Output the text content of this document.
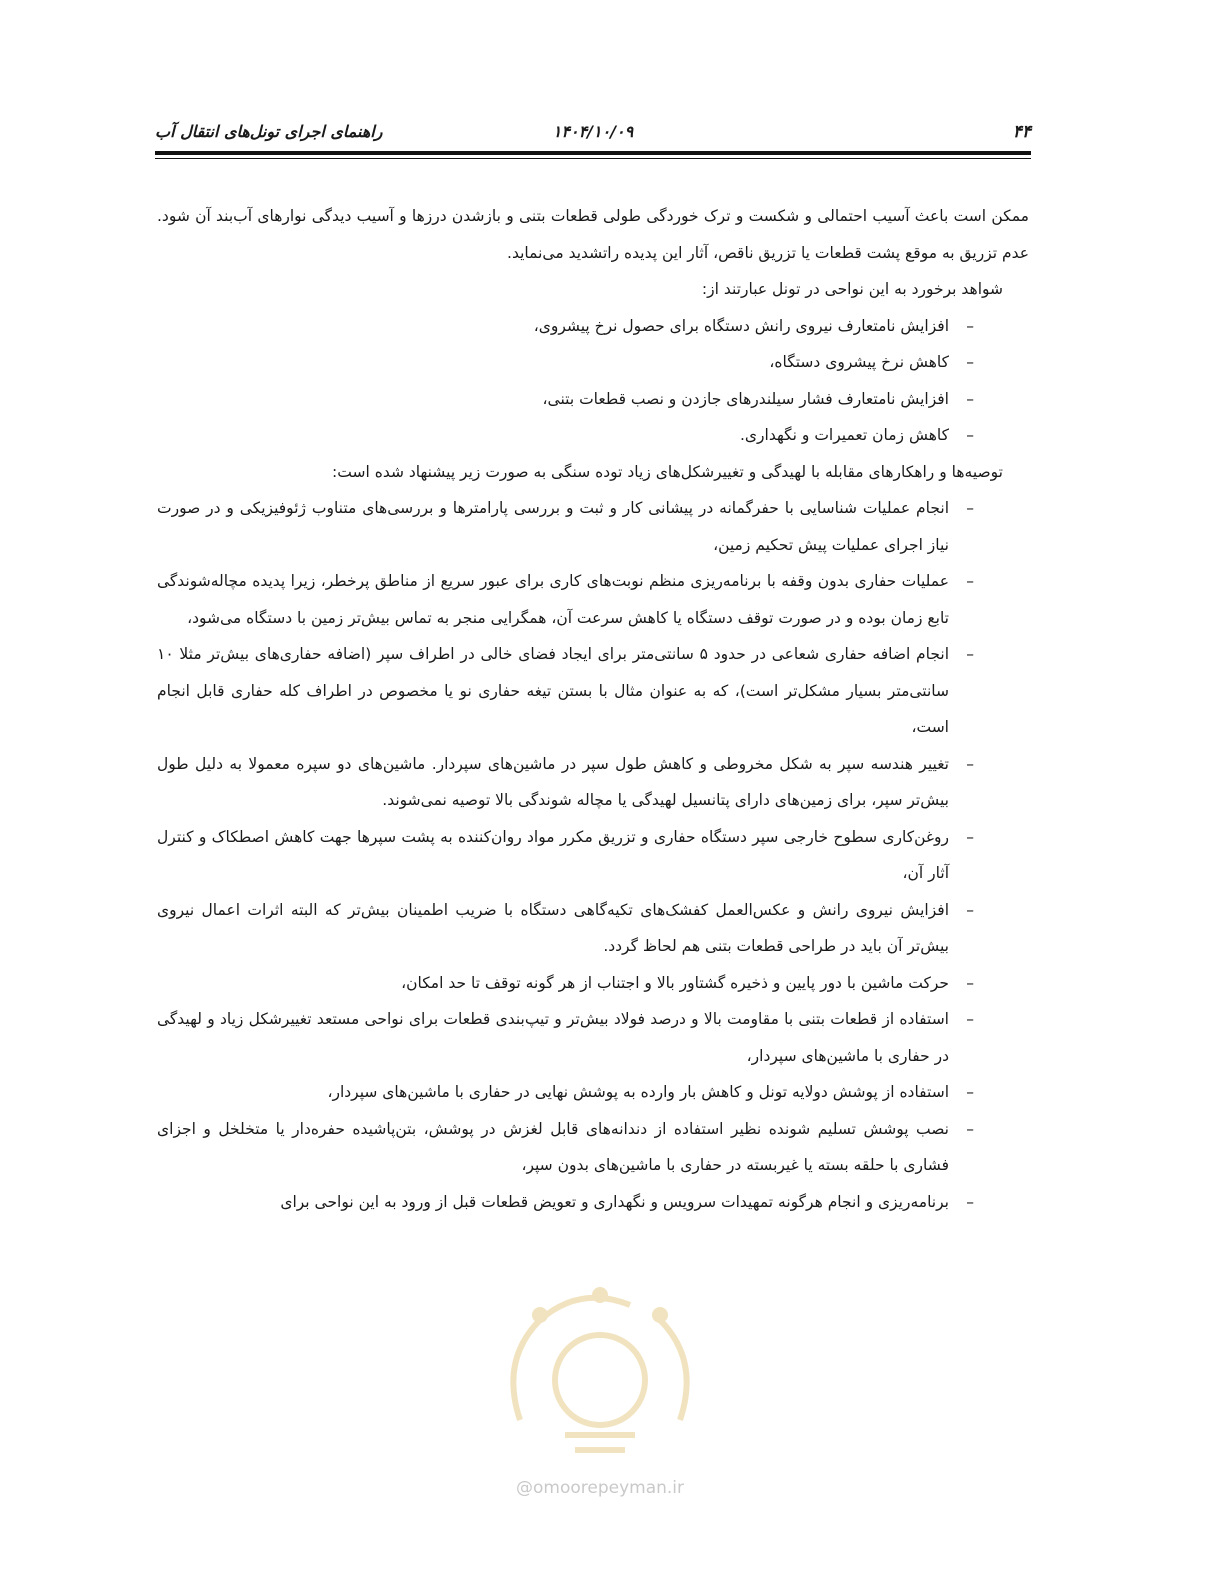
۴۴
۱۴۰۴/۱۰/۰۹
راهنمای اجرای تونل‌های انتقال آب

ممکن است باعث آسیب احتمالی و شکست و ترک خوردگی طولی قطعات بتنی و بازشدن درزها و آسیب دیدگی نوارهای آب‌بند آن شود. عدم تزریق به موقع پشت قطعات یا تزریق ناقص، آثار این پدیده راتشدید می‌نماید.

شواهد برخورد به این نواحی در تونل عبارتند از:

– افزایش نامتعارف نیروی رانش دستگاه برای حصول نرخ پیشروی،
– کاهش نرخ پیشروی دستگاه،
– افزایش نامتعارف فشار سیلندرهای جازدن و نصب قطعات بتنی،
– کاهش زمان تعمیرات و نگهداری.

توصیه‌ها و راهکارهای مقابله با لهیدگی و تغییرشکل‌های زیاد توده سنگی به صورت زیر پیشنهاد شده است:

– انجام عملیات شناسایی با حفرگمانه در پیشانی کار و ثبت و بررسی پارامترها و بررسی‌های متناوب ژئوفیزیکی و در صورت نیاز اجرای عملیات پیش تحکیم زمین،
– عملیات حفاری بدون وقفه با برنامه‌ریزی منظم نوبت‌های کاری برای عبور سریع از مناطق پرخطر، زیرا پدیده مچاله‌شوندگی تابع زمان بوده و در صورت توقف دستگاه یا کاهش سرعت آن، همگرایی منجر به تماس بیش‌تر زمین با دستگاه می‌شود،
– انجام اضافه حفاری شعاعی در حدود ۵ سانتی‌متر برای ایجاد فضای خالی در اطراف سپر (اضافه حفاری‌های بیش‌تر مثلا ۱۰ سانتی‌متر بسیار مشکل‌تر است)، که به عنوان مثال با بستن تیغه حفاری نو یا مخصوص در اطراف کله حفاری قابل انجام است،
– تغییر هندسه سپر به شکل مخروطی و کاهش طول سپر در ماشین‌های سپردار. ماشین‌های دو سپره معمولا به دلیل طول بیش‌تر سپر، برای زمین‌های دارای پتانسیل لهیدگی یا مچاله شوندگی بالا توصیه نمی‌شوند.
– روغن‌کاری سطوح خارجی سپر دستگاه حفاری و تزریق مکرر مواد روان‌کننده به پشت سپرها جهت کاهش اصطکاک و کنترل آثار آن،
– افزایش نیروی رانش و عکس‌العمل کفشک‌های تکیه‌گاهی دستگاه با ضریب اطمینان بیش‌تر که البته اثرات اعمال نیروی بیش‌تر آن باید در طراحی قطعات بتنی هم لحاظ گردد.
– حرکت ماشین با دور پایین و ذخیره گشتاور بالا و اجتناب از هر گونه توقف تا حد امکان،
– استفاده از قطعات بتنی با مقاومت بالا و درصد فولاد بیش‌تر و تیپ‌بندی قطعات برای نواحی مستعد تغییرشکل زیاد و لهیدگی در حفاری با ماشین‌های سپردار،
– استفاده از پوشش دولایه تونل و کاهش بار وارده به پوشش نهایی در حفاری با ماشین‌های سپردار،
– نصب پوشش تسلیم شونده نظیر استفاده از دندانه‌های قابل لغزش در پوشش، بتن‌پاشیده حفره‌دار یا متخلخل و اجزای فشاری با حلقه بسته یا غیربسته در حفاری با ماشین‌های بدون سپر،
– برنامه‌ریزی و انجام هرگونه تمهیدات سرویس و نگهداری و تعویض قطعات قبل از ورود به این نواحی برای
@omoorepeyman.ir
